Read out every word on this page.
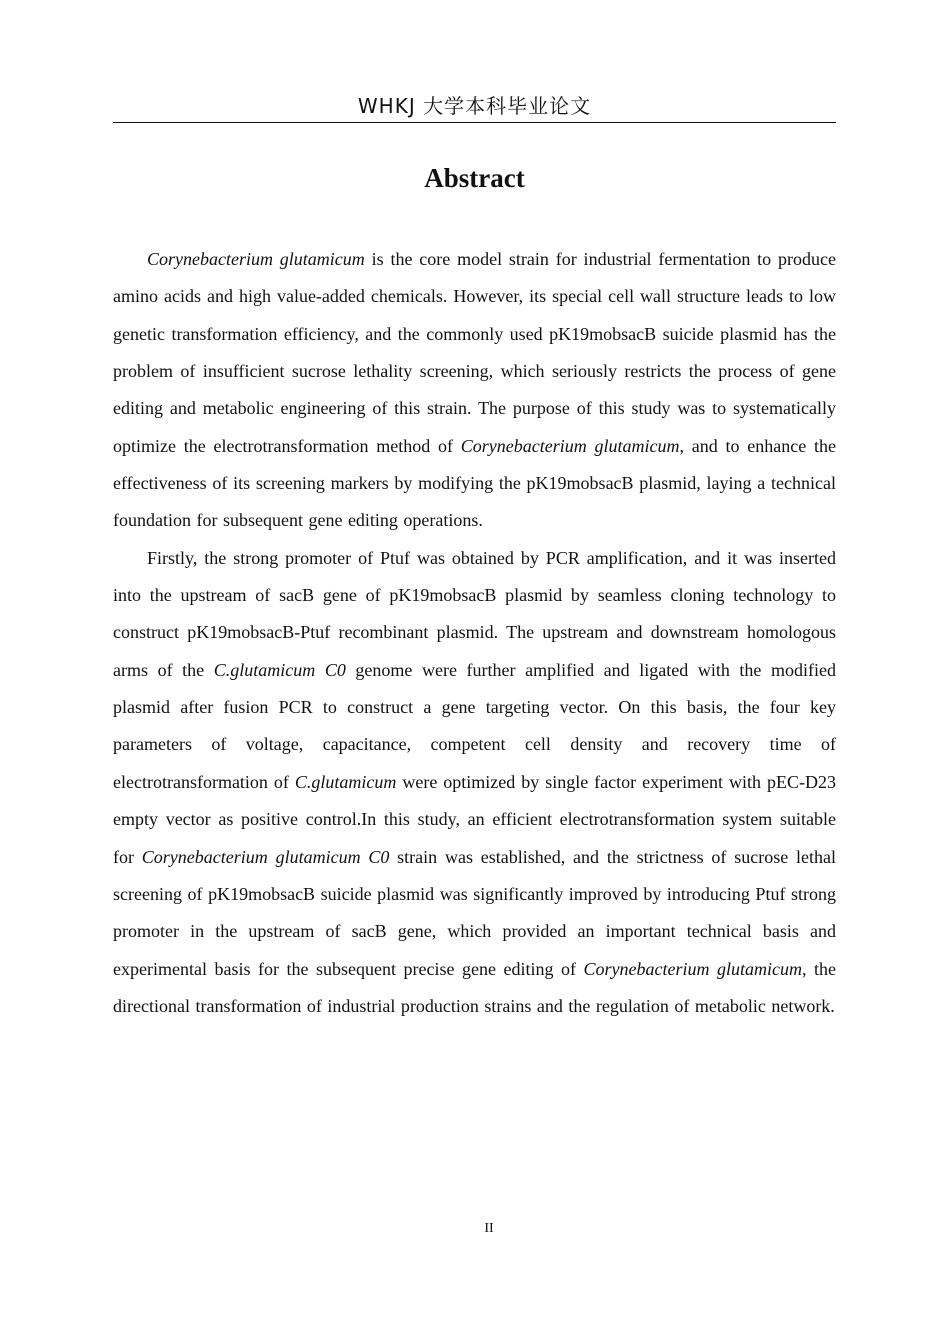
WHKJ 大学本科毕业论文
Abstract

Corynebacterium glutamicum is the core model strain for industrial fermentation to produce amino acids and high value-added chemicals. However, its special cell wall structure leads to low genetic transformation efficiency, and the commonly used pK19mobsacB suicide plasmid has the problem of insufficient sucrose lethality screening, which seriously restricts the process of gene editing and metabolic engineering of this strain. The purpose of this study was to systematically optimize the electrotransformation method of Corynebacterium glutamicum, and to enhance the effectiveness of its screening markers by modifying the pK19mobsacB plasmid, laying a technical foundation for subsequent gene editing operations.

Firstly, the strong promoter of Ptuf was obtained by PCR amplification, and it was inserted into the upstream of sacB gene of pK19mobsacB plasmid by seamless cloning technology to construct pK19mobsacB-Ptuf recombinant plasmid. The upstream and downstream homologous arms of the C.glutamicum C0 genome were further amplified and ligated with the modified plasmid after fusion PCR to construct a gene targeting vector. On this basis, the four key parameters of voltage, capacitance, competent cell density and recovery time of electrotransformation of C.glutamicum were optimized by single factor experiment with pEC-D23 empty vector as positive control.In this study, an efficient electrotransformation system suitable for Corynebacterium glutamicum C0 strain was established, and the strictness of sucrose lethal screening of pK19mobsacB suicide plasmid was significantly improved by introducing Ptuf strong promoter in the upstream of sacB gene, which provided an important technical basis and experimental basis for the subsequent precise gene editing of Corynebacterium glutamicum, the directional transformation of industrial production strains and the regulation of metabolic network.

II
